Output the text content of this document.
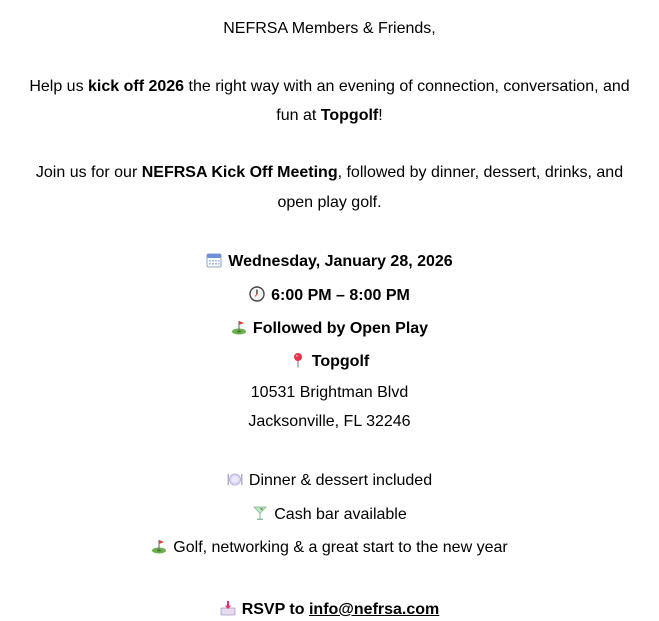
NEFRSA Members & Friends,
Help us kick off 2026 the right way with an evening of connection, conversation, and
fun at Topgolf!
Join us for our NEFRSA Kick Off Meeting, followed by dinner, dessert, drinks, and
open play golf.
Wednesday, January 28, 2026
6:00 PM – 8:00 PM
Followed by Open Play
Topgolf
10531 Brightman Blvd
Jacksonville, FL 32246
Dinner & dessert included
Cash bar available
Golf, networking & a great start to the new year
RSVP to info@nefrsa.com
